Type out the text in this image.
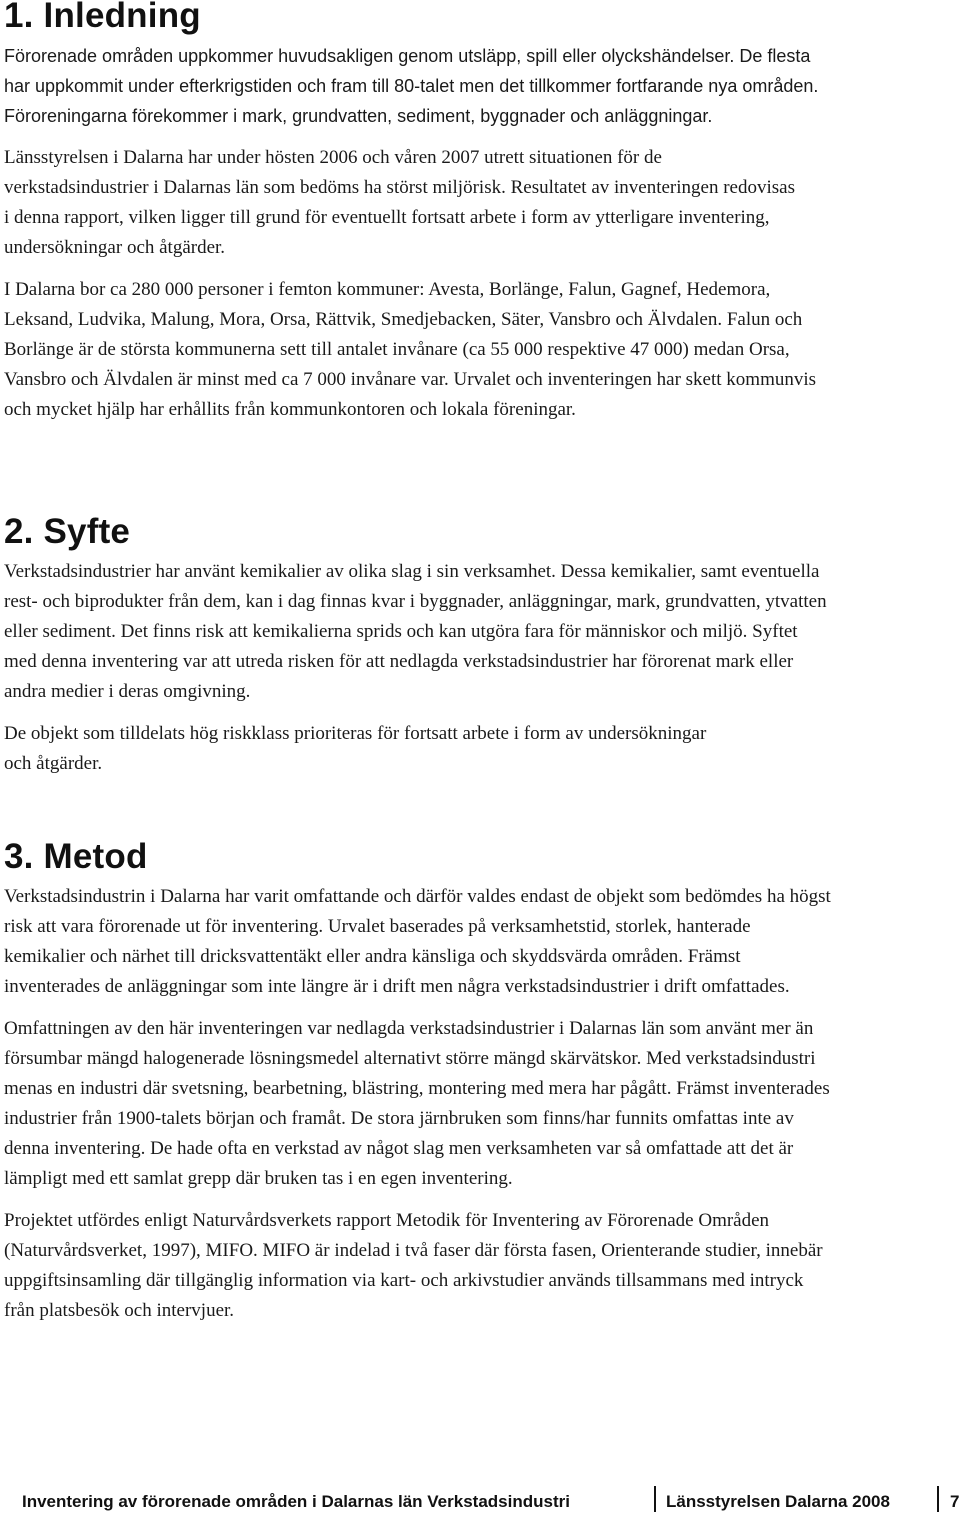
1. Inledning

Förorenade områden uppkommer huvudsakligen genom utsläpp, spill eller olyckshändelser. De flesta har uppkommit under efterkrigstiden och fram till 80-talet men det tillkommer fortfarande nya områden. Föroreningarna förekommer i mark, grundvatten, sediment, byggnader och anläggningar.

Länsstyrelsen i Dalarna har under hösten 2006 och våren 2007 utrett situationen för de verkstadsindustrier i Dalarnas län som bedöms ha störst miljörisk. Resultatet av inventeringen redovisas i denna rapport, vilken ligger till grund för eventuellt fortsatt arbete i form av ytterligare inventering, undersökningar och åtgärder.

I Dalarna bor ca 280 000 personer i femton kommuner: Avesta, Borlänge, Falun, Gagnef, Hedemora, Leksand, Ludvika, Malung, Mora, Orsa, Rättvik, Smedjebacken, Säter, Vansbro och Älvdalen. Falun och Borlänge är de största kommunerna sett till antalet invånare (ca 55 000 respektive 47 000) medan Orsa, Vansbro och Älvdalen är minst med ca 7 000 invånare var. Urvalet och inventeringen har skett kommunvis och mycket hjälp har erhållits från kommunkontoren och lokala föreningar.

2. Syfte

Verkstadsindustrier har använt kemikalier av olika slag i sin verksamhet. Dessa kemikalier, samt eventuella rest- och biprodukter från dem, kan i dag finnas kvar i byggnader, anläggningar, mark, grundvatten, ytvatten eller sediment. Det finns risk att kemikalierna sprids och kan utgöra fara för människor och miljö. Syftet med denna inventering var att utreda risken för att nedlagda verkstadsindustrier har förorenat mark eller andra medier i deras omgivning.

De objekt som tilldelats hög riskklass prioriteras för fortsatt arbete i form av undersökningar och åtgärder.

3. Metod

Verkstadsindustrin i Dalarna har varit omfattande och därför valdes endast de objekt som bedömdes ha högst risk att vara förorenade ut för inventering. Urvalet baserades på verksamhetstid, storlek, hanterade kemikalier och närhet till dricksvattentäkt eller andra känsliga och skyddsvärda områden. Främst inventerades de anläggningar som inte längre är i drift men några verkstadsindustrier i drift omfattades.

Omfattningen av den här inventeringen var nedlagda verkstadsindustrier i Dalarnas län som använt mer än försumbar mängd halogenerade lösningsmedel alternativt större mängd skärvätskor. Med verkstadsindustri menas en industri där svetsning, bearbetning, blästring, montering med mera har pågått. Främst inventerades industrier från 1900-talets början och framåt. De stora järnbruken som finns/har funnits omfattas inte av denna inventering. De hade ofta en verkstad av något slag men verksamheten var så omfattade att det är lämpligt med ett samlat grepp där bruken tas i en egen inventering.

Projektet utfördes enligt Naturvårdsverkets rapport Metodik för Inventering av Förorenade Områden (Naturvårdsverket, 1997), MIFO. MIFO är indelad i två faser där första fasen, Orienterande studier, innebär uppgiftsinsamling där tillgänglig information via kart- och arkivstudier används tillsammans med intryck från platsbesök och intervjuer.

Inventering av förorenade områden i Dalarnas län Verkstadsindustri	Länsstyrelsen Dalarna 2008	7
